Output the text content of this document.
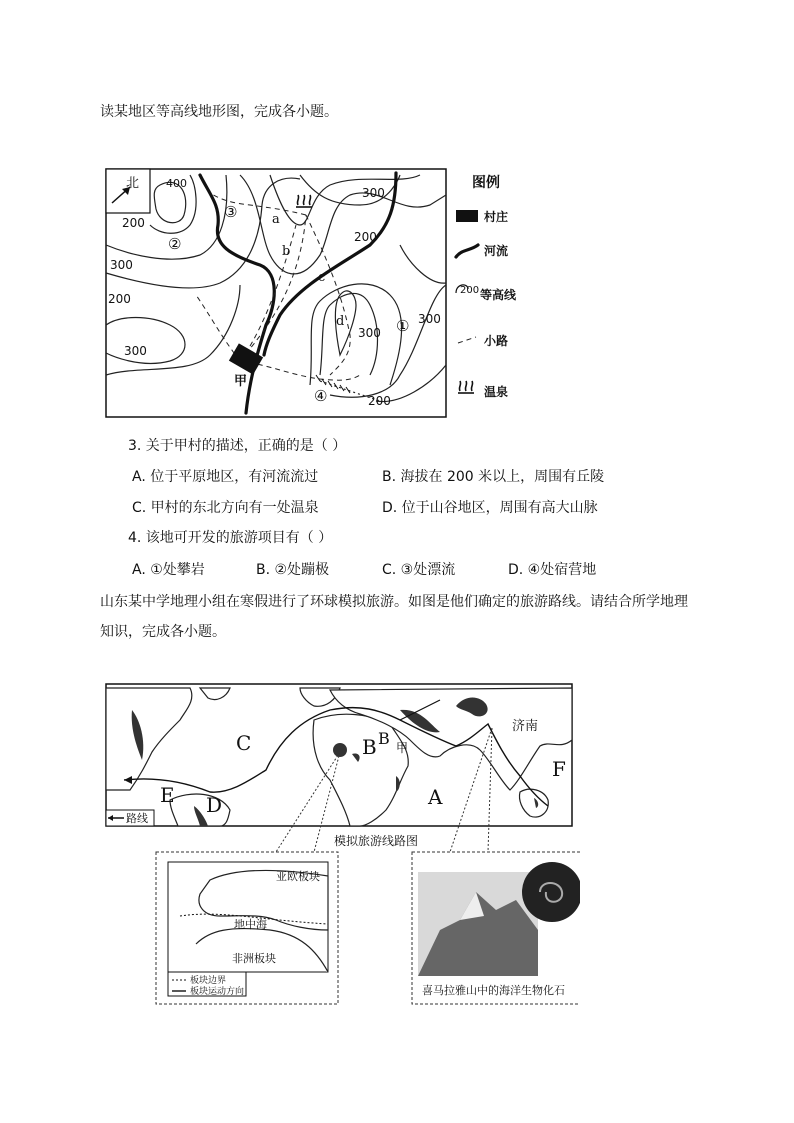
读某地区等高线地形图，完成各小题。
北 400
300
200
200
300
200
300
300
300
200
③
②
①
④
a
b
c
d
甲
图例
村庄
河流
200 等高线
小路
温泉
3. 关于甲村的描述，正确的是（ ）
A. 位于平原地区，有河流流过	B. 海拔在 200 米以上，周围有丘陵
C. 甲村的东北方向有一处温泉	D. 位于山谷地区，周围有高大山脉
4. 该地可开发的旅游项目有（ ）
A. ①处攀岩	B. ②处蹦极	C. ③处漂流	D. ④处宿营地
山东某中学地理小组在寒假进行了环球模拟旅游。如图是他们确定的旅游路线。请结合所学地理
知识，完成各小题。
C	B B 甲
济南
A
F
E D
路线
模拟旅游线路图
亚欧板块
地中海
非洲板块
板块边界
板块运动方向	喜马拉雅山中的海洋生物化石
